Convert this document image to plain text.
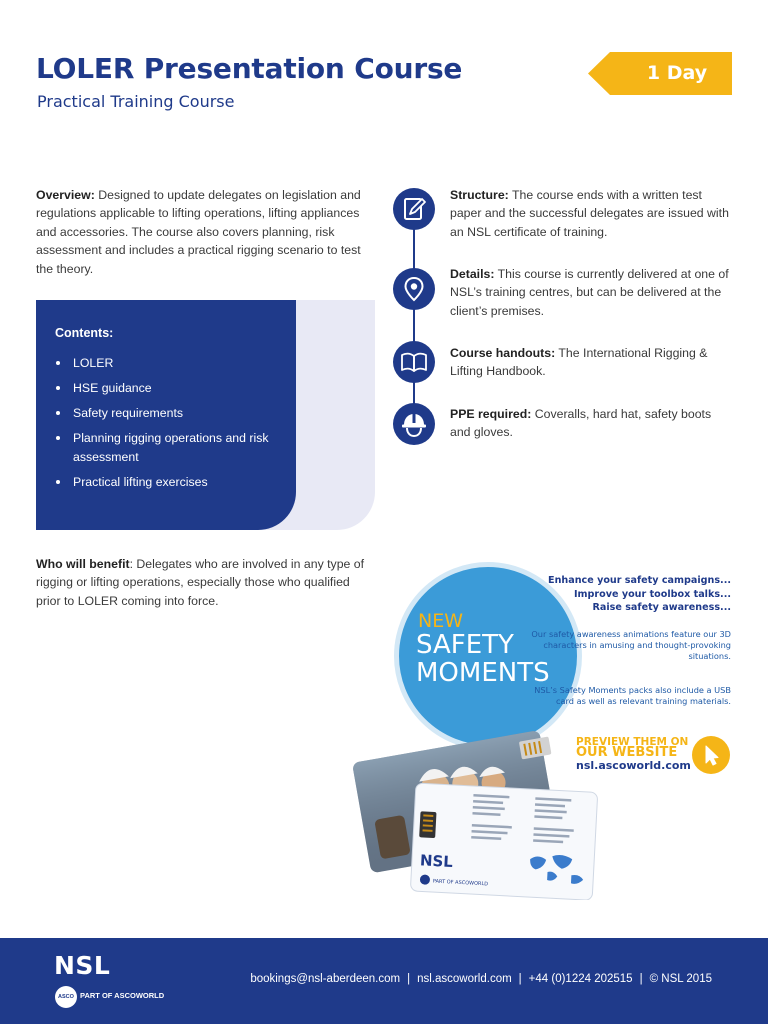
LOLER Presentation Course
Practical Training Course
1 Day
Overview: Designed to update delegates on legislation and regulations applicable to lifting operations, lifting appliances and accessories. The course also covers planning, risk assessment and includes a practical rigging scenario to test the theory.
Contents:
LOLER
HSE guidance
Safety requirements
Planning rigging operations and risk assessment
Practical lifting exercises
Who will benefit: Delegates who are involved in any type of rigging or lifting operations, especially those who qualified prior to LOLER coming into force.
Structure: The course ends with a written test paper and the successful delegates are issued with an NSL certificate of training.
Details: This course is currently delivered at one of NSL’s training centres, but can be delivered at the client’s premises.
Course handouts: The International Rigging & Lifting Handbook.
PPE required: Coveralls, hard hat, safety boots and gloves.
NEW
SAFETY
MOMENTS
Enhance your safety campaigns...
Improve your toolbox talks...
Raise safety awareness...
Our safety awareness animations feature our 3D characters in amusing and thought-provoking situations.
NSL’s Safety Moments packs also include a USB card as well as relevant training materials.
PREVIEW THEM ON
OUR WEBSITE
nsl.ascoworld.com
NSL
PART OF ASCOWORLD
NSL
ASCO PART OF ASCOWORLD
bookings@nsl-aberdeen.com | nsl.ascoworld.com | +44 (0)1224 202515 | © NSL 2015
